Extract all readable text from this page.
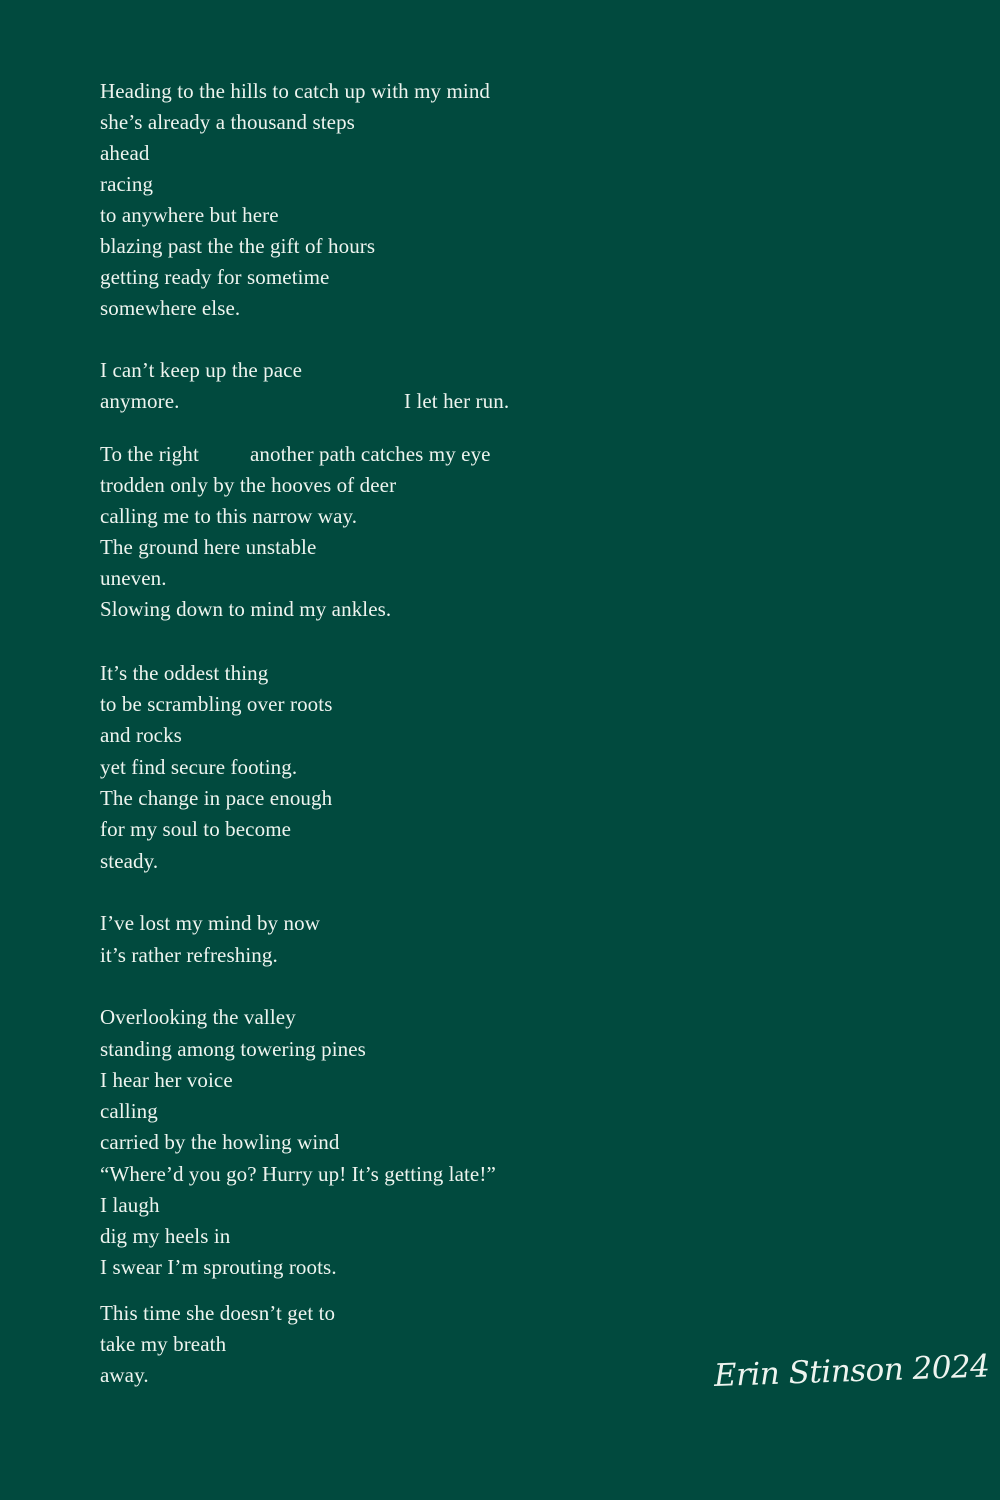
Heading to the hills to catch up with my mind
she’s already a thousand steps
ahead
racing
to anywhere but here
blazing past the the gift of hours
getting ready for sometime
somewhere else.
I can’t keep up the pace
anymore.	I let her run.
To the right another path catches my eye
trodden only by the hooves of deer
calling me to this narrow way.
The ground here unstable
uneven.
Slowing down to mind my ankles.
It’s the oddest thing
to be scrambling over roots
and rocks
yet find secure footing.
The change in pace enough
for my soul to become
steady.
I’ve lost my mind by now
it’s rather refreshing.
Overlooking the valley
standing among towering pines
I hear her voice
calling
carried by the howling wind
“Where’d you go? Hurry up! It’s getting late!”
I laugh
dig my heels in
I swear I’m sprouting roots.
This time she doesn’t get to
take my breath
away.	Erin Stinson 2024
